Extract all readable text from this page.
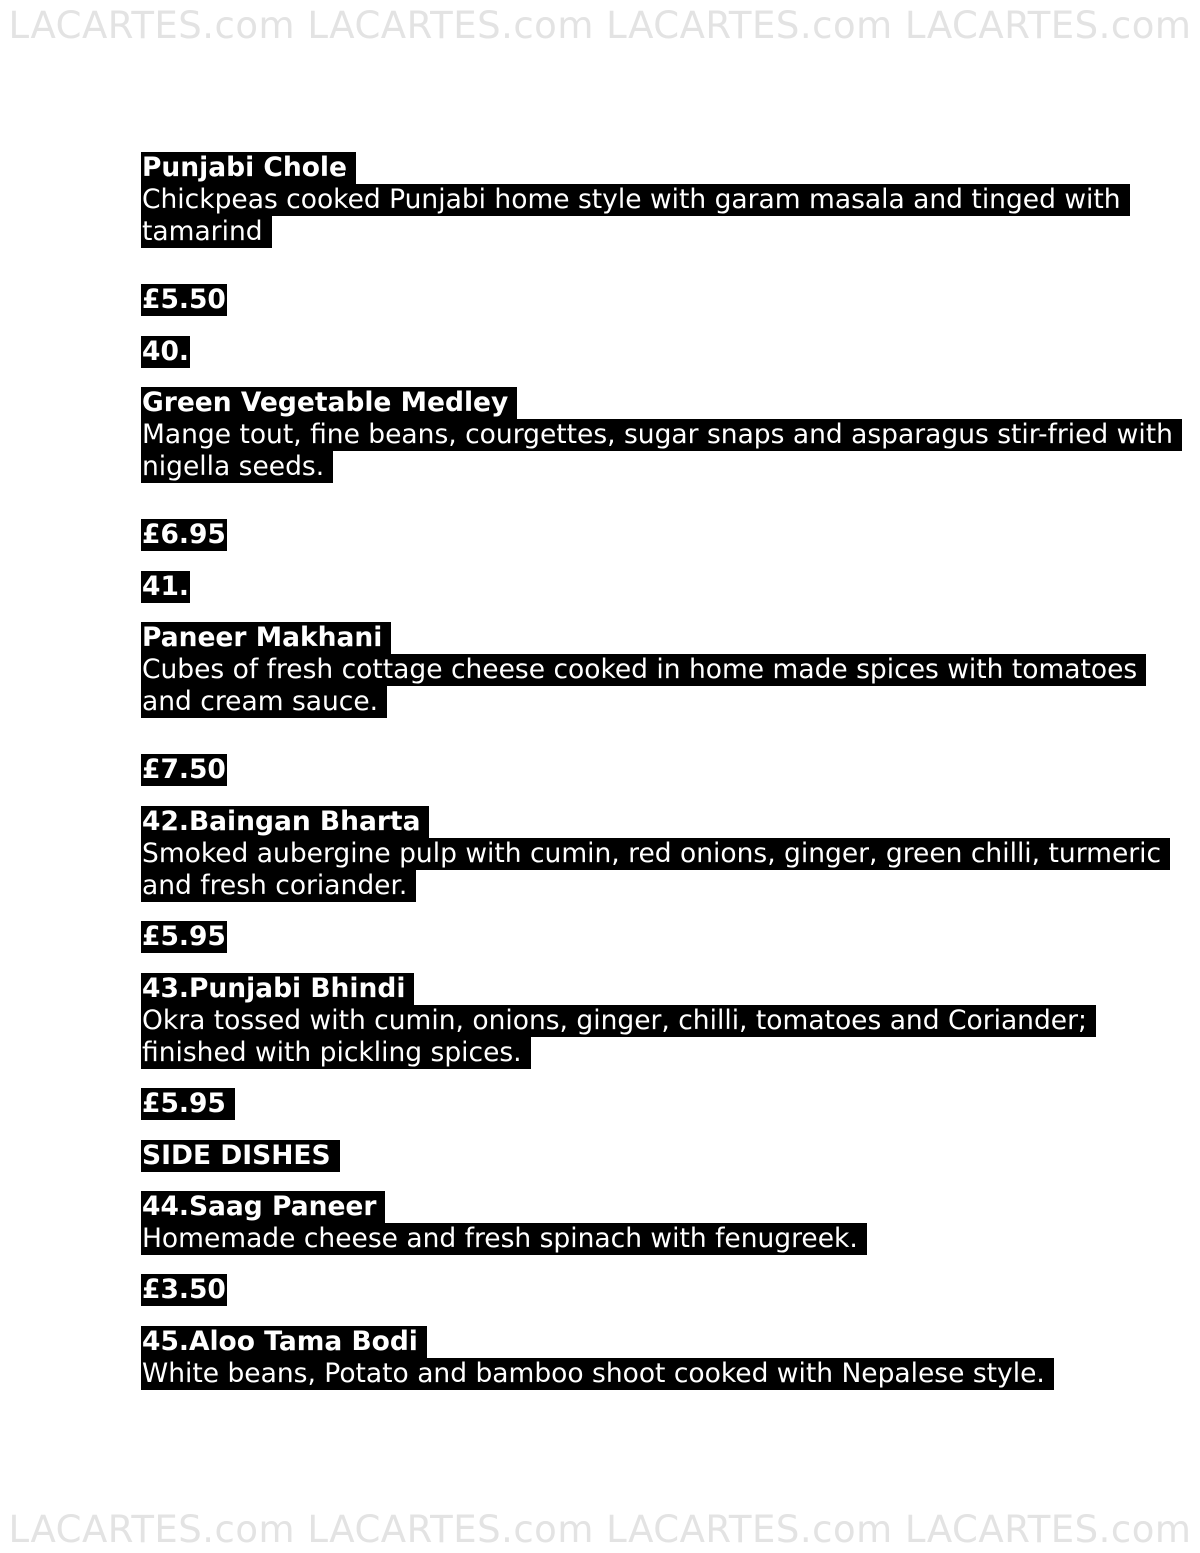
LACARTES.com LACARTES.com LACARTES.com LACARTES.com
Punjabi Chole
Chickpeas cooked Punjabi home style with garam masala and tinged with
tamarind
£5.50
40.
Green Vegetable Medley
Mange tout, fine beans, courgettes, sugar snaps and asparagus stir-fried with
nigella seeds.
£6.95
41.
Paneer Makhani
Cubes of fresh cottage cheese cooked in home made spices with tomatoes
and cream sauce.
£7.50
42.Baingan Bharta
Smoked aubergine pulp with cumin, red onions, ginger, green chilli, turmeric
and fresh coriander.
£5.95
43.Punjabi Bhindi
Okra tossed with cumin, onions, ginger, chilli, tomatoes and Coriander;
finished with pickling spices.
£5.95
SIDE DISHES
44.Saag Paneer
Homemade cheese and fresh spinach with fenugreek.
£3.50
45.Aloo Tama Bodi
White beans, Potato and bamboo shoot cooked with Nepalese style.
LACARTES.com LACARTES.com LACARTES.com LACARTES.com
